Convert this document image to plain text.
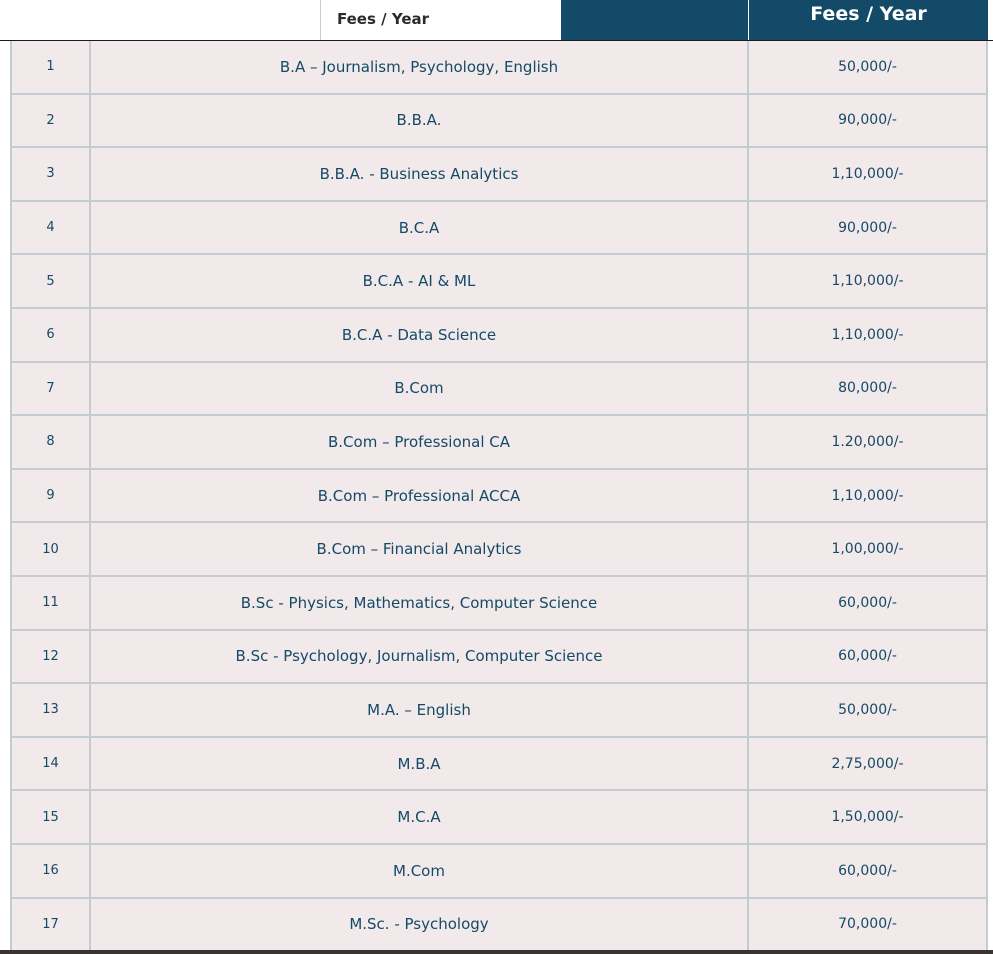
Fees / Year	Fees / Year
1	B.A – Journalism, Psychology, English	50,000/-
2	B.B.A.	90,000/-
3	B.B.A. - Business Analytics	1,10,000/-
4	B.C.A	90,000/-
5	B.C.A - AI & ML	1,10,000/-
6	B.C.A - Data Science	1,10,000/-
7	B.Com	80,000/-
8	B.Com – Professional CA	1.20,000/-
9	B.Com – Professional ACCA	1,10,000/-
10	B.Com – Financial Analytics	1,00,000/-
11	B.Sc - Physics, Mathematics, Computer Science	60,000/-
12	B.Sc - Psychology, Journalism, Computer Science	60,000/-
13	M.A. – English	50,000/-
14	M.B.A	2,75,000/-
15	M.C.A	1,50,000/-
16	M.Com	60,000/-
17	M.Sc. - Psychology	70,000/-
